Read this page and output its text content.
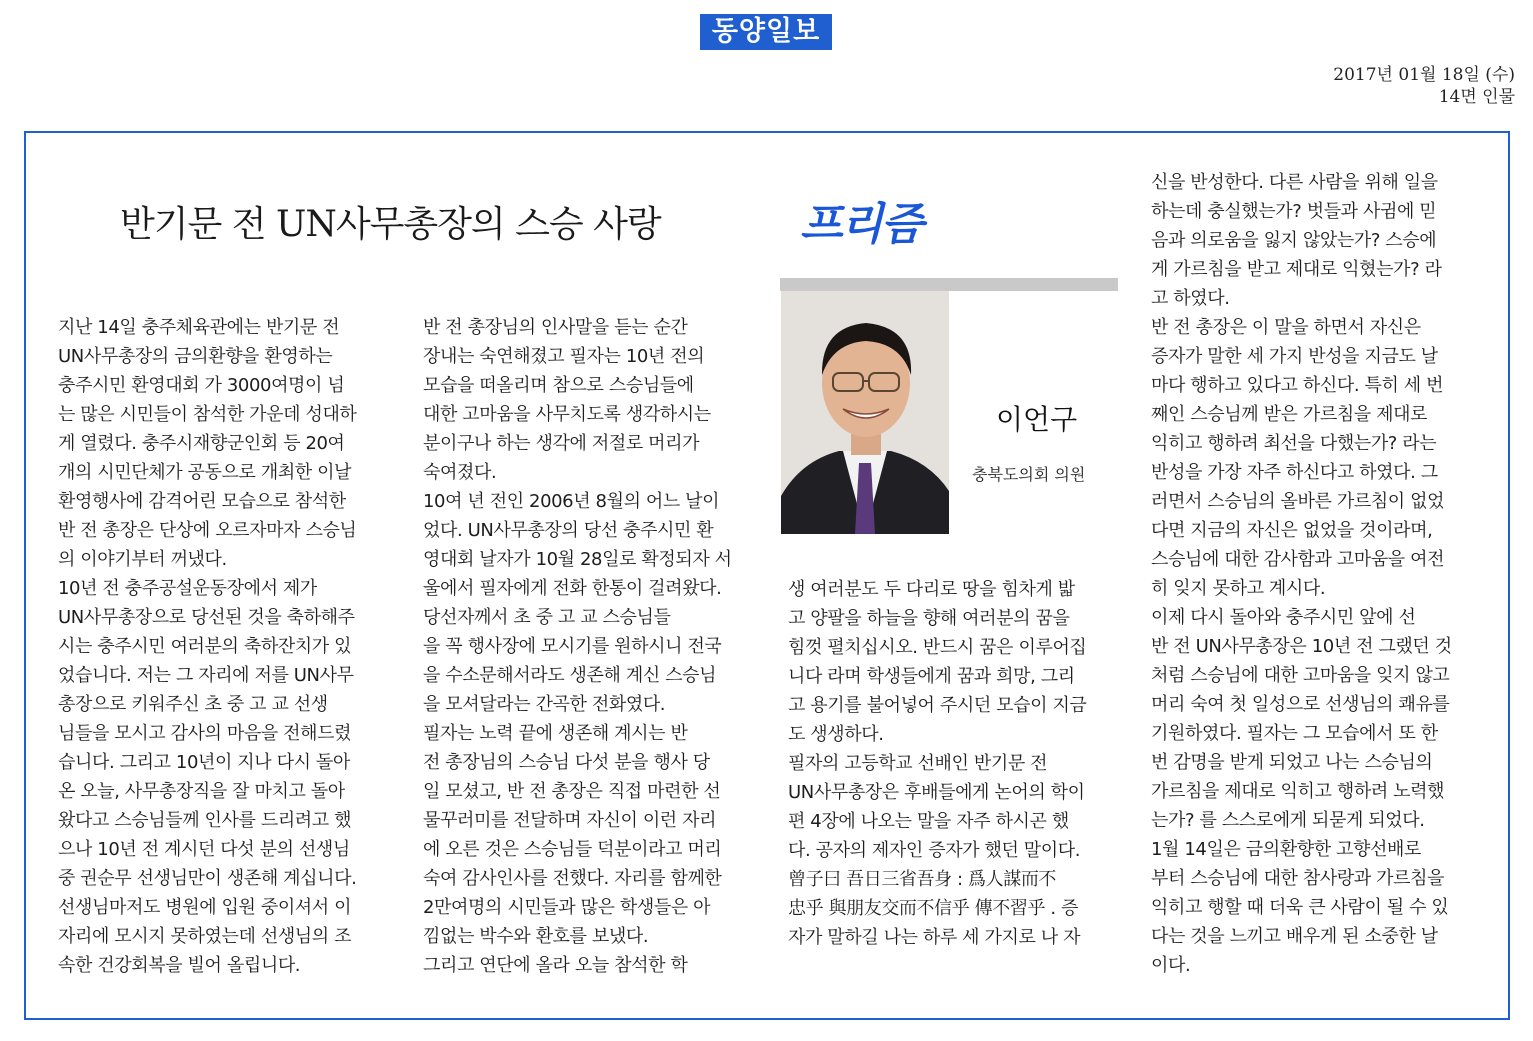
동양일보
2017년 01월 18일 (수)
14면 인물
반기문 전 UN사무총장의 스승 사랑	프리즘
이언구
충북도의회 의원
지난 14일 충주체육관에는 반기문 전
UN사무총장의 금의환향을 환영하는
충주시민 환영대회 가 3000여명이 넘
는 많은 시민들이 참석한 가운데 성대하
게 열렸다. 충주시재향군인회 등 20여
개의 시민단체가 공동으로 개최한 이날
환영행사에 감격어린 모습으로 참석한
반 전 총장은 단상에 오르자마자 스승님
의 이야기부터 꺼냈다.
10년 전 충주공설운동장에서 제가
UN사무총장으로 당선된 것을 축하해주
시는 충주시민 여러분의 축하잔치가 있
었습니다. 저는 그 자리에 저를 UN사무
총장으로 키워주신 초 중 고 교 선생
님들을 모시고 감사의 마음을 전해드렸
습니다. 그리고 10년이 지나 다시 돌아
온 오늘, 사무총장직을 잘 마치고 돌아
왔다고 스승님들께 인사를 드리려고 했
으나 10년 전 계시던 다섯 분의 선생님
중 권순무 선생님만이 생존해 계십니다.
선생님마저도 병원에 입원 중이셔서 이
자리에 모시지 못하였는데 선생님의 조
속한 건강회복을 빌어 올립니다.
반 전 총장님의 인사말을 듣는 순간
장내는 숙연해졌고 필자는 10년 전의
모습을 떠올리며 참으로 스승님들에
대한 고마움을 사무치도록 생각하시는
분이구나 하는 생각에 저절로 머리가
숙여졌다.
10여 년 전인 2006년 8월의 어느 날이
었다. UN사무총장의 당선 충주시민 환
영대회 날자가 10월 28일로 확정되자 서
울에서 필자에게 전화 한통이 걸려왔다.
당선자께서 초 중 고 교 스승님들
을 꼭 행사장에 모시기를 원하시니 전국
을 수소문해서라도 생존해 계신 스승님
을 모셔달라는 간곡한 전화였다.
필자는 노력 끝에 생존해 계시는 반
전 총장님의 스승님 다섯 분을 행사 당
일 모셨고, 반 전 총장은 직접 마련한 선
물꾸러미를 전달하며 자신이 이런 자리
에 오른 것은 스승님들 덕분이라고 머리
숙여 감사인사를 전했다. 자리를 함께한
2만여명의 시민들과 많은 학생들은 아
낌없는 박수와 환호를 보냈다.
그리고 연단에 올라 오늘 참석한 학
생 여러분도 두 다리로 땅을 힘차게 밟
고 양팔을 하늘을 향해 여러분의 꿈을
힘껏 펼치십시오. 반드시 꿈은 이루어집
니다 라며 학생들에게 꿈과 희망, 그리
고 용기를 불어넣어 주시던 모습이 지금
도 생생하다.
필자의 고등학교 선배인 반기문 전
UN사무총장은 후배들에게 논어의 학이
편 4장에 나오는 말을 자주 하시곤 했
다. 공자의 제자인 증자가 했던 말이다.
曾子曰 吾日三省吾身 : 爲人謀而不
忠乎 與朋友交而不信乎 傳不習乎 . 증
자가 말하길 나는 하루 세 가지로 나 자
신을 반성한다. 다른 사람을 위해 일을
하는데 충실했는가? 벗들과 사귐에 믿
음과 의로움을 잃지 않았는가? 스승에
게 가르침을 받고 제대로 익혔는가? 라
고 하였다.
반 전 총장은 이 말을 하면서 자신은
증자가 말한 세 가지 반성을 지금도 날
마다 행하고 있다고 하신다. 특히 세 번
째인 스승님께 받은 가르침을 제대로
익히고 행하려 최선을 다했는가? 라는
반성을 가장 자주 하신다고 하였다. 그
러면서 스승님의 올바른 가르침이 없었
다면 지금의 자신은 없었을 것이라며,
스승님에 대한 감사함과 고마움을 여전
히 잊지 못하고 계시다.
이제 다시 돌아와 충주시민 앞에 선
반 전 UN사무총장은 10년 전 그랬던 것
처럼 스승님에 대한 고마움을 잊지 않고
머리 숙여 첫 일성으로 선생님의 쾌유를
기원하였다. 필자는 그 모습에서 또 한
번 감명을 받게 되었고 나는 스승님의
가르침을 제대로 익히고 행하려 노력했
는가? 를 스스로에게 되묻게 되었다.
1월 14일은 금의환향한 고향선배로
부터 스승님에 대한 참사랑과 가르침을
익히고 행할 때 더욱 큰 사람이 될 수 있
다는 것을 느끼고 배우게 된 소중한 날
이다.
